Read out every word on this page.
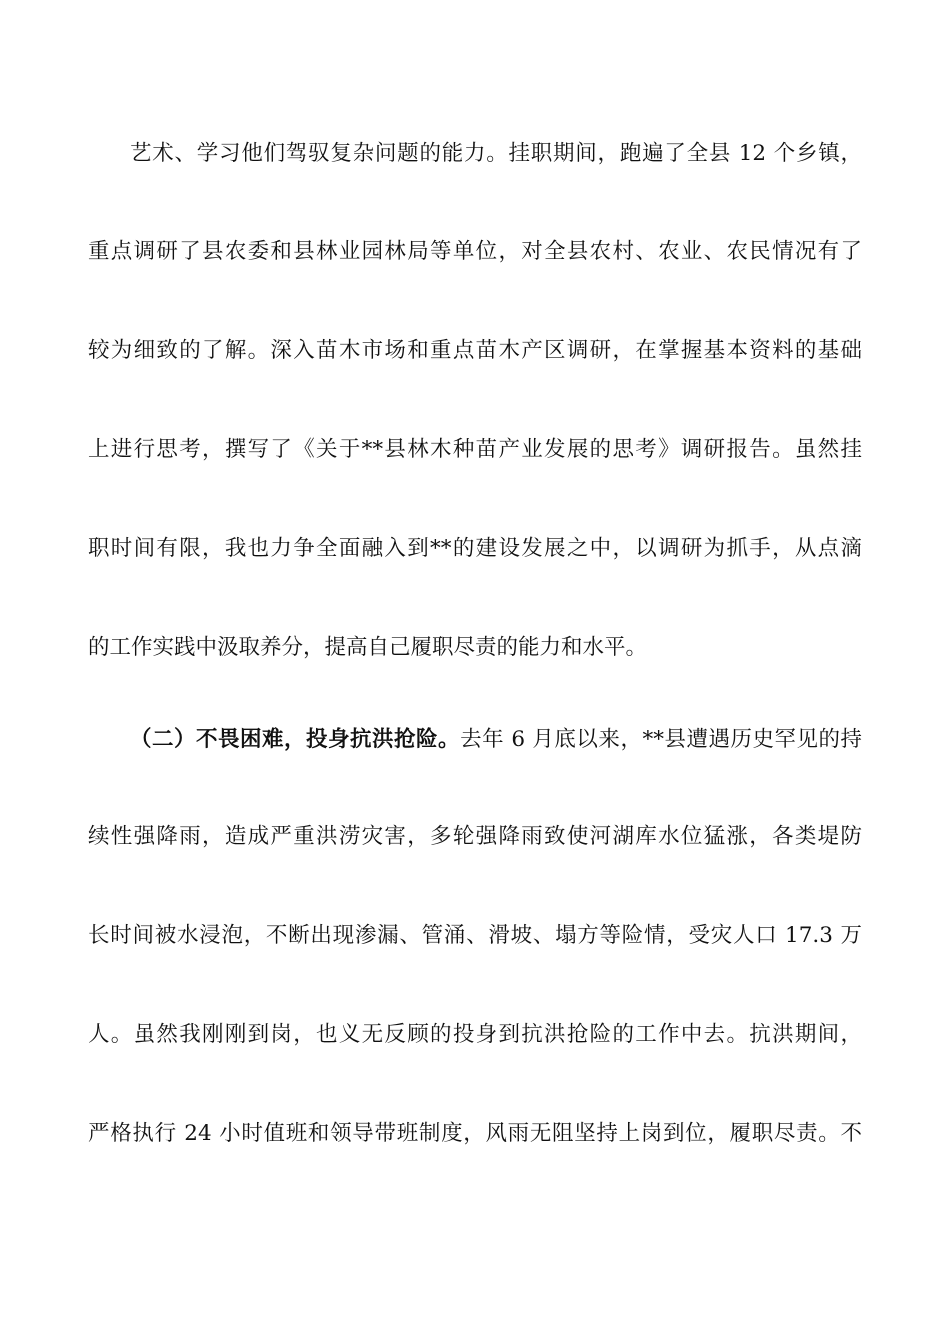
艺术、学习他们驾驭复杂问题的能力。挂职期间，跑遍了全县 12 个乡镇，
重点调研了县农委和县林业园林局等单位，对全县农村、农业、农民情况有了
较为细致的了解。深入苗木市场和重点苗木产区调研，在掌握基本资料的基础
上进行思考，撰写了《关于**县林木种苗产业发展的思考》调研报告。虽然挂
职时间有限，我也力争全面融入到**的建设发展之中，以调研为抓手，从点滴
的工作实践中汲取养分，提高自己履职尽责的能力和水平。
（二）不畏困难，投身抗洪抢险。去年 6 月底以来，**县遭遇历史罕见的持
续性强降雨，造成严重洪涝灾害，多轮强降雨致使河湖库水位猛涨，各类堤防
长时间被水浸泡，不断出现渗漏、管涌、滑坡、塌方等险情，受灾人口 17.3 万
人。虽然我刚刚到岗，也义无反顾的投身到抗洪抢险的工作中去。抗洪期间，
严格执行 24 小时值班和领导带班制度，风雨无阻坚持上岗到位，履职尽责。不
